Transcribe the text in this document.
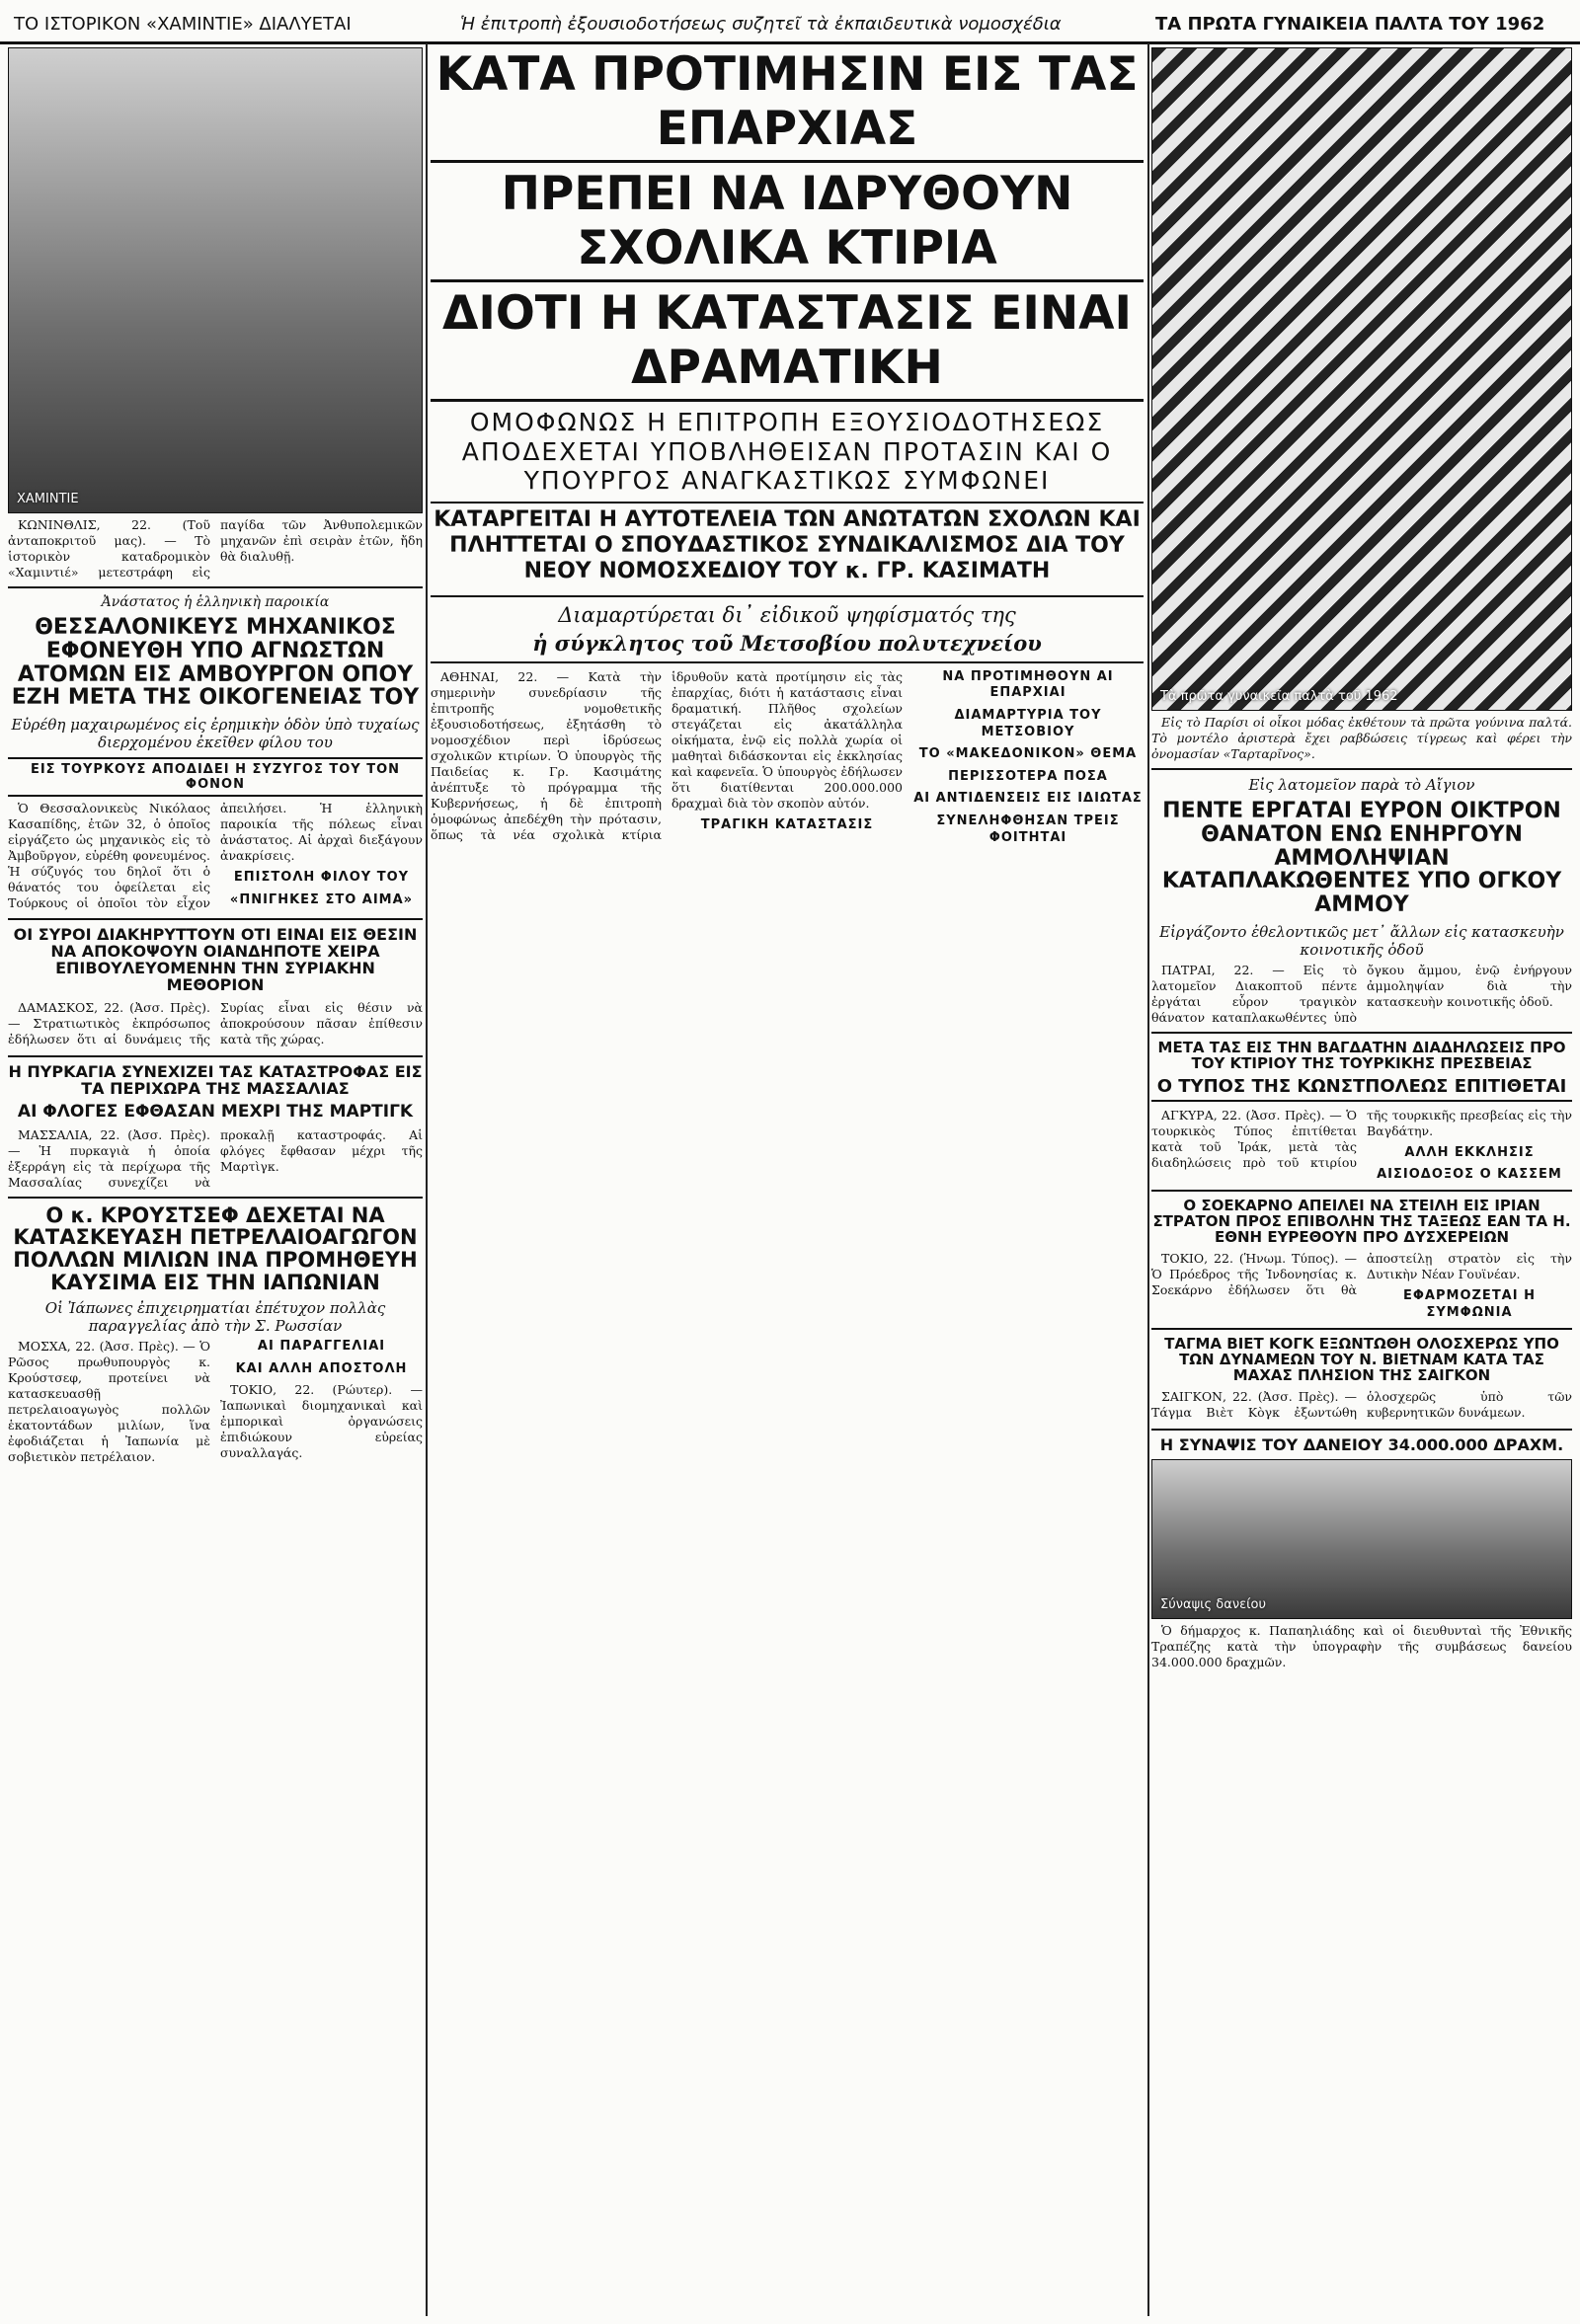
ΤΟ ΙΣΤΟΡΙΚΟΝ «ΧΑΜΙΝΤΙΕ» ΔΙΑΛΥΕΤΑΙ	Ἡ ἐπιτροπὴ ἐξουσιοδοτήσεως συζητεῖ τὰ ἐκπαιδευτικὰ νομοσχέδια	ΤΑ ΠΡΩΤΑ ΓΥΝΑΙΚΕΙΑ ΠΑΛΤΑ ΤΟΥ 1962
ΧΑΜΙΝΤΙΕ

ΚΩΝΙΝΘΛΙΣ, 22. (Τοῦ ἀνταποκριτοῦ μας). — Τὸ ἱστορικὸν καταδρομικὸν «Χαμιντιέ» μετεστράφη εἰς παγίδα τῶν Ἀνθυπολεμικῶν μηχανῶν ἐπὶ σειρὰν ἐτῶν, ἤδη θὰ διαλυθῇ.

Ἀνάστατος ἡ ἑλληνικὴ παροικία
ΘΕΣΣΑΛΟΝΙΚΕΥΣ ΜΗΧΑΝΙΚΟΣ ΕΦΟΝΕΥΘΗ ΥΠΟ ΑΓΝΩΣΤΩΝ ΑΤΟΜΩΝ ΕΙΣ ΑΜΒΟΥΡΓΟΝ ΟΠΟΥ ΕΖΗ ΜΕΤΑ ΤΗΣ ΟΙΚΟΓΕΝΕΙΑΣ ΤΟΥ
Εὑρέθη μαχαιρωμένος εἰς ἐρημικὴν ὁδὸν ὑπὸ τυχαίως διερχομένου ἐκεῖθεν φίλου του
ΕΙΣ ΤΟΥΡΚΟΥΣ ΑΠΟΔΙΔΕΙ Η ΣΥΖΥΓΟΣ ΤΟΥ ΤΟΝ ΦΟΝΟΝ

Ὁ Θεσσαλονικεὺς Νικόλαος Κασαπίδης, ἐτῶν 32, ὁ ὁποῖος εἰργάζετο ὡς μηχανικὸς εἰς τὸ Ἀμβοῦργον, εὑρέθη φονευμένος. Ἡ σύζυγός του δηλοῖ ὅτι ὁ θάνατός του ὀφείλεται εἰς Τούρκους οἱ ὁποῖοι τὸν εἶχον ἀπειλήσει. Ἡ ἑλληνικὴ παροικία τῆς πόλεως εἶναι ἀνάστατος. Αἱ ἀρχαὶ διεξάγουν ἀνακρίσεις.

ΕΠΙΣΤΟΛΗ ΦΙΛΟΥ ΤΟΥ
«ΠΝΙΓΗΚΕΣ ΣΤΟ ΑΙΜΑ»
ΟΙ ΣΥΡΟΙ ΔΙΑΚΗΡΥΤΤΟΥΝ ΟΤΙ ΕΙΝΑΙ ΕΙΣ ΘΕΣΙΝ ΝΑ ΑΠΟΚΟΨΟΥΝ ΟΙΑΝΔΗΠΟΤΕ ΧΕΙΡΑ ΕΠΙΒΟΥΛΕΥΟΜΕΝΗΝ ΤΗΝ ΣΥΡΙΑΚΗΝ ΜΕΘΟΡΙΟΝ

ΔΑΜΑΣΚΟΣ, 22. (Ἀσσ. Πρὲς). — Στρατιωτικὸς ἐκπρόσωπος ἐδήλωσεν ὅτι αἱ δυνάμεις τῆς Συρίας εἶναι εἰς θέσιν νὰ ἀποκρούσουν πᾶσαν ἐπίθεσιν κατὰ τῆς χώρας.

Η ΠΥΡΚΑΓΙΑ ΣΥΝΕΧΙΖΕΙ ΤΑΣ ΚΑΤΑΣΤΡΟΦΑΣ ΕΙΣ ΤΑ ΠΕΡΙΧΩΡΑ ΤΗΣ ΜΑΣΣΑΛΙΑΣ
ΑΙ ΦΛΟΓΕΣ ΕΦΘΑΣΑΝ ΜΕΧΡΙ ΤΗΣ ΜΑΡΤΙΓΚ

ΜΑΣΣΑΛΙΑ, 22. (Ἀσσ. Πρὲς). — Ἡ πυρκαγιὰ ἡ ὁποία ἐξερράγη εἰς τὰ περίχωρα τῆς Μασσαλίας συνεχίζει νὰ προκαλῇ καταστροφάς. Αἱ φλόγες ἔφθασαν μέχρι τῆς Μαρτὶγκ.

Ο κ. ΚΡΟΥΣΤΣΕΦ ΔΕΧΕΤΑΙ ΝΑ ΚΑΤΑΣΚΕΥΑΣΗ ΠΕΤΡΕΛΑΙΟΑΓΩΓΟΝ ΠΟΛΛΩΝ ΜΙΛΙΩΝ ΙΝΑ ΠΡΟΜΗΘΕΥΗ ΚΑΥΣΙΜΑ ΕΙΣ ΤΗΝ ΙΑΠΩΝΙΑΝ
Οἱ Ἰάπωνες ἐπιχειρηματίαι ἐπέτυχον πολλὰς παραγγελίας ἀπὸ τὴν Σ. Ρωσσίαν

ΜΟΣΧΑ, 22. (Ἀσσ. Πρὲς). — Ὁ Ρῶσος πρωθυπουργὸς κ. Κρούστσεφ, προτείνει νὰ κατασκευασθῇ πετρελαιοαγωγὸς πολλῶν ἑκατοντάδων μιλίων, ἵνα ἐφοδιάζεται ἡ Ἰαπωνία μὲ σοβιετικὸν πετρέλαιον.

ΑΙ ΠΑΡΑΓΓΕΛΙΑΙ
ΚΑΙ ΑΛΛΗ ΑΠΟΣΤΟΛΗ

ΤΟΚΙΟ, 22. (Ρώυτερ). — Ἰαπωνικαὶ διομηχανικαὶ καὶ ἐμπορικαὶ ὀργανώσεις ἐπιδιώκουν εὐρείας συναλλαγάς.

ΚΑΤΑ ΠΡΟΤΙΜΗΣΙΝ ΕΙΣ ΤΑΣ ΕΠΑΡΧΙΑΣ
ΠΡΕΠΕΙ ΝΑ ΙΔΡΥΘΟΥΝ ΣΧΟΛΙΚΑ ΚΤΙΡΙΑ
ΔΙΟΤΙ Η ΚΑΤΑΣΤΑΣΙΣ ΕΙΝΑΙ ΔΡΑΜΑΤΙΚΗ
ΟΜΟΦΩΝΩΣ Η ΕΠΙΤΡΟΠΗ ΕΞΟΥΣΙΟΔΟΤΗΣΕΩΣ ΑΠΟΔΕΧΕΤΑΙ ΥΠΟΒΛΗΘΕΙΣΑΝ ΠΡΟΤΑΣΙΝ ΚΑΙ Ο ΥΠΟΥΡΓΟΣ ΑΝΑΓΚΑΣΤΙΚΩΣ ΣΥΜΦΩΝΕΙ
ΚΑΤΑΡΓΕΙΤΑΙ Η ΑΥΤΟΤΕΛΕΙΑ ΤΩΝ ΑΝΩΤΑΤΩΝ ΣΧΟΛΩΝ ΚΑΙ ΠΛΗΤΤΕΤΑΙ Ο ΣΠΟΥΔΑΣΤΙΚΟΣ ΣΥΝΔΙΚΑΛΙΣΜΟΣ ΔΙΑ ΤΟΥ ΝΕΟΥ ΝΟΜΟΣΧΕΔΙΟΥ ΤΟΥ κ. ΓΡ. ΚΑΣΙΜΑΤΗ
Διαμαρτύρεται δι᾽ εἰδικοῦ ψηφίσματός της
ἡ σύγκλητος τοῦ Μετσοβίου πολυτεχνείου

ΑΘΗΝΑΙ, 22. — Κατὰ τὴν σημερινὴν συνεδρίασιν τῆς ἐπιτροπῆς νομοθετικῆς ἐξουσιοδοτήσεως, ἐξητάσθη τὸ νομοσχέδιον περὶ ἱδρύσεως σχολικῶν κτιρίων. Ὁ ὑπουργὸς τῆς Παιδείας κ. Γρ. Κασιμάτης ἀνέπτυξε τὸ πρόγραμμα τῆς Κυβερνήσεως, ἡ δὲ ἐπιτροπὴ ὁμοφώνως ἀπεδέχθη τὴν πρότασιν, ὅπως τὰ νέα σχολικὰ κτίρια ἱδρυθοῦν κατὰ προτίμησιν εἰς τὰς ἐπαρχίας, διότι ἡ κατάστασις εἶναι δραματική. Πλῆθος σχολείων στεγάζεται εἰς ἀκατάλληλα οἰκήματα, ἐνῷ εἰς πολλὰ χωρία οἱ μαθηταὶ διδάσκονται εἰς ἐκκλησίας καὶ καφενεῖα. Ὁ ὑπουργὸς ἐδήλωσεν ὅτι διατίθενται 200.000.000 δραχμαὶ διὰ τὸν σκοπὸν αὐτόν.

ΤΡΑΓΙΚΗ ΚΑΤΑΣΤΑΣΙΣ
ΝΑ ΠΡΟΤΙΜΗΘΟΥΝ ΑΙ ΕΠΑΡΧΙΑΙ
ΔΙΑΜΑΡΤΥΡΙΑ ΤΟΥ ΜΕΤΣΟΒΙΟΥ
ΤΟ «ΜΑΚΕΔΟΝΙΚΟΝ» ΘΕΜΑ
ΠΕΡΙΣΣΟΤΕΡΑ ΠΟΣΑ
ΑΙ ΑΝΤΙΔΕΝΣΕΙΣ ΕΙΣ ΙΔΙΩΤΑΣ
ΣΥΝΕΛΗΦΘΗΣΑΝ ΤΡΕΙΣ ΦΟΙΤΗΤΑΙ
Τὰ πρῶτα γυναικεῖα παλτὰ τοῦ 1962

Εἰς τὸ Παρίσι οἱ οἶκοι μόδας ἐκθέτουν τὰ πρῶτα γούνινα παλτά. Τὸ μοντέλο ἀριστερὰ ἔχει ραβδώσεις τίγρεως καὶ φέρει τὴν ὀνομασίαν «Ταρταρῖνος».

Εἰς λατομεῖον παρὰ τὸ Αἴγιον
ΠΕΝΤΕ ΕΡΓΑΤΑΙ ΕΥΡΟΝ ΟΙΚΤΡΟΝ ΘΑΝΑΤΟΝ ΕΝΩ ΕΝΗΡΓΟΥΝ ΑΜΜΟΛΗΨΙΑΝ ΚΑΤΑΠΛΑΚΩΘΕΝΤΕΣ ΥΠΟ ΟΓΚΟΥ ΑΜΜΟΥ
Εἰργάζοντο ἐθελοντικῶς μετ᾽ ἄλλων εἰς κατασκευὴν κοινοτικῆς ὁδοῦ

ΠΑΤΡΑΙ, 22. — Εἰς τὸ λατομεῖον Διακοπτοῦ πέντε ἐργάται εὗρον τραγικὸν θάνατον καταπλακωθέντες ὑπὸ ὄγκου ἄμμου, ἐνῷ ἐνήργουν ἀμμοληψίαν διὰ τὴν κατασκευὴν κοινοτικῆς ὁδοῦ.

ΜΕΤΑ ΤΑΣ ΕΙΣ ΤΗΝ ΒΑΓΔΑΤΗΝ ΔΙΑΔΗΛΩΣΕΙΣ ΠΡΟ ΤΟΥ ΚΤΙΡΙΟΥ ΤΗΣ ΤΟΥΡΚΙΚΗΣ ΠΡΕΣΒΕΙΑΣ
Ο ΤΥΠΟΣ ΤΗΣ ΚΩΝΣΤΠΟΛΕΩΣ ΕΠΙΤΙΘΕΤΑΙ

ΑΓΚΥΡΑ, 22. (Ἀσσ. Πρὲς). — Ὁ τουρκικὸς Τύπος ἐπιτίθεται κατὰ τοῦ Ἰράκ, μετὰ τὰς διαδηλώσεις πρὸ τοῦ κτιρίου τῆς τουρκικῆς πρεσβείας εἰς τὴν Βαγδάτην.

ΑΛΛΗ ΕΚΚΛΗΣΙΣ
ΑΙΣΙΟΔΟΞΟΣ Ο ΚΑΣΣΕΜ
Ο ΣΟΕΚΑΡΝΟ ΑΠΕΙΛΕΙ ΝΑ ΣΤΕΙΛΗ ΕΙΣ ΙΡΙΑΝ ΣΤΡΑΤΟΝ ΠΡΟΣ ΕΠΙΒΟΛΗΝ ΤΗΣ ΤΑΞΕΩΣ ΕΑΝ ΤΑ Η. ΕΘΝΗ ΕΥΡΕΘΟΥΝ ΠΡΟ ΔΥΣΧΕΡΕΙΩΝ

ΤΟΚΙΟ, 22. (Ἡνωμ. Τύπος). — Ὁ Πρόεδρος τῆς Ἰνδονησίας κ. Σοεκάρνο ἐδήλωσεν ὅτι θὰ ἀποστείλῃ στρατὸν εἰς τὴν Δυτικὴν Νέαν Γουϊνέαν.

ΕΦΑΡΜΟΖΕΤΑΙ Η ΣΥΜΦΩΝΙΑ
ΤΑΓΜΑ ΒΙΕΤ ΚΟΓΚ ΕΞΩΝΤΩΘΗ ΟΛΟΣΧΕΡΩΣ ΥΠΟ ΤΩΝ ΔΥΝΑΜΕΩΝ ΤΟΥ Ν. ΒΙΕΤΝΑΜ ΚΑΤΑ ΤΑΣ ΜΑΧΑΣ ΠΛΗΣΙΟΝ ΤΗΣ ΣΑΙΓΚΟΝ

ΣΑΙΓΚΟΝ, 22. (Ἀσσ. Πρὲς). — Τάγμα Βιὲτ Κὸγκ ἐξωντώθη ὁλοσχερῶς ὑπὸ τῶν κυβερνητικῶν δυνάμεων.

Η ΣΥΝΑΨΙΣ ΤΟΥ ΔΑΝΕΙΟΥ 34.000.000 ΔΡΑΧΜ.
Σύναψις δανείου

Ὁ δήμαρχος κ. Παπαηλιάδης καὶ οἱ διευθυνταὶ τῆς Ἐθνικῆς Τραπέζης κατὰ τὴν ὑπογραφὴν τῆς συμβάσεως δανείου 34.000.000 δραχμῶν.
